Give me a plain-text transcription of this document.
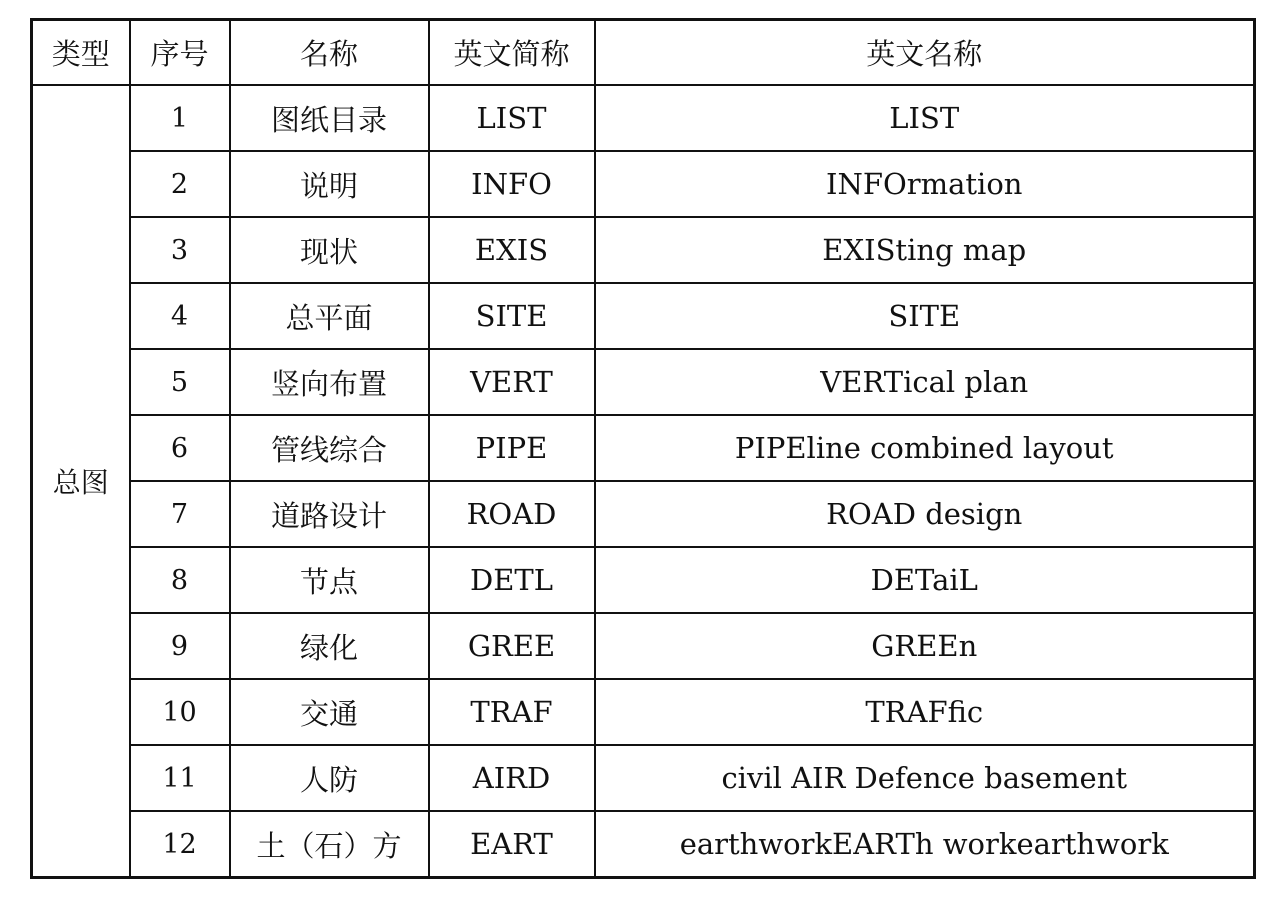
类型	序号	名称	英文简称	英文名称
总图	1	图纸目录	LIST	LIST
	2	说明	INFO	INFOrmation
	3	现状	EXIS	EXISting map
	4	总平面	SITE	SITE
	5	竖向布置	VERT	VERTical plan
	6	管线综合	PIPE	PIPEline combined layout
	7	道路设计	ROAD	ROAD design
	8	节点	DETL	DETaiL
	9	绿化	GREE	GREEn
	10	交通	TRAF	TRAFfic
	11	人防	AIRD	civil AIR Defence basement
	12	土（石）方	EART	earthworkEARTh workearthwork
